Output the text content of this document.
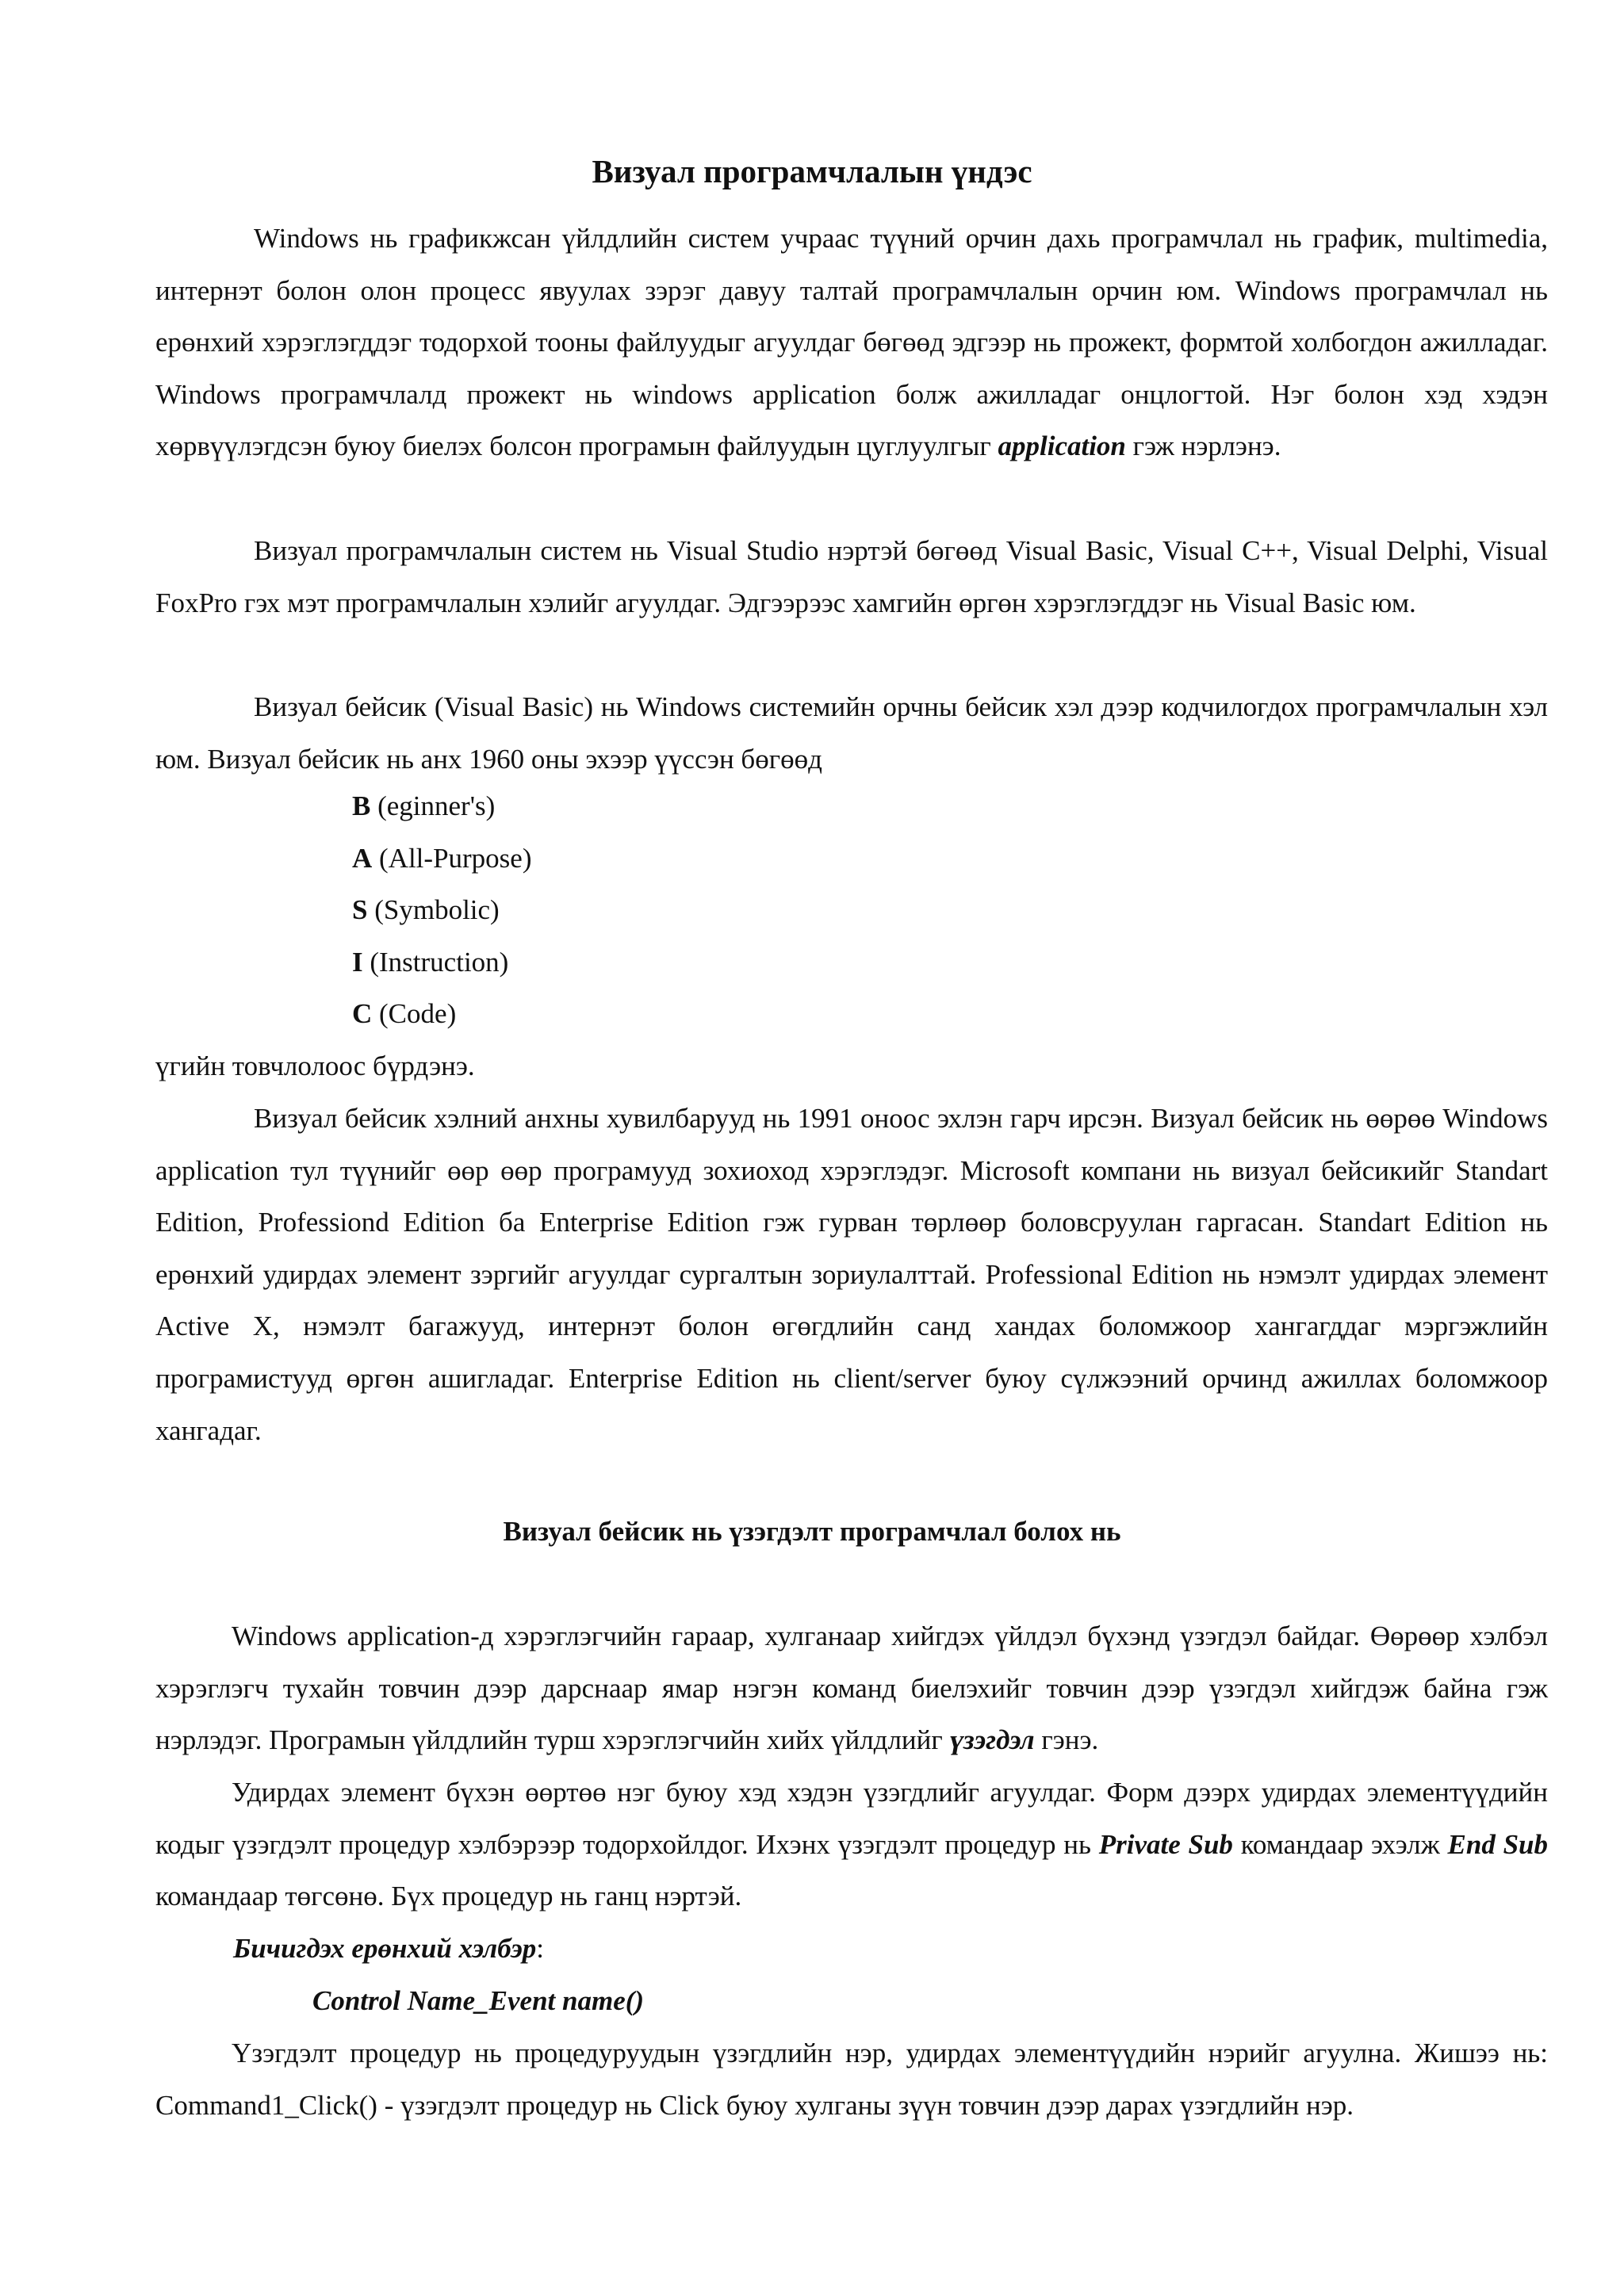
Визуал програмчлалын үндэс

Windows нь графикжсан үйлдлийн систем учраас түүний орчин дахь програмчлал нь график, multimedia, интернэт болон олон процесс явуулах зэрэг давуу талтай програмчлалын орчин юм. Windows програмчлал нь ерөнхий хэрэглэгддэг тодорхой тооны файлуудыг агуулдаг бөгөөд эдгээр нь прожект, формтой холбогдон ажилладаг. Windows програмчлалд прожект нь windows application болж ажилладаг онцлогтой. Нэг болон хэд хэдэн хөрвүүлэгдсэн буюу биелэх болсон програмын файлуудын цуглуулгыг application гэж нэрлэнэ.

Визуал програмчлалын систем нь Visual Studio нэртэй бөгөөд Visual Basic, Visual C++, Visual Delphi, Visual FoxPro гэх мэт програмчлалын хэлийг агуулдаг. Эдгээрээс хамгийн өргөн хэрэглэгддэг нь Visual Basic юм.

Визуал бейсик (Visual Basic) нь Windows системийн орчны бейсик хэл дээр кодчилогдох програмчлалын хэл юм. Визуал бейсик нь анх 1960 оны эхээр үүссэн бөгөөд

B (eginner's)
A (All-Purpose)
S (Symbolic)
I (Instruction)
C (Code)

үгийн товчлолоос бүрдэнэ.

Визуал бейсик хэлний анхны хувилбарууд нь 1991 оноос эхлэн гарч ирсэн. Визуал бейсик нь өөрөө Windows application тул түүнийг өөр өөр програмууд зохиоход хэрэглэдэг. Microsoft компани нь визуал бейсикийг Standart Edition, Professiond Edition ба Enterprise Edition гэж гурван төрлөөр боловсруулан гаргасан. Standart Edition нь ерөнхий удирдах элемент зэргийг агуулдаг сургалтын зориулалттай. Professional Edition нь нэмэлт удирдах элемент Active X, нэмэлт багажууд, интернэт болон өгөгдлийн санд хандах боломжоор хангагддаг мэргэжлийн програмистууд өргөн ашигладаг. Enterprise Edition нь client/server буюу сүлжээний орчинд ажиллах боломжоор хангадаг.

Визуал бейсик нь үзэгдэлт програмчлал болох нь

Windows application-д хэрэглэгчийн гараар, хулганаар хийгдэх үйлдэл бүхэнд үзэгдэл байдаг. Өөрөөр хэлбэл хэрэглэгч тухайн товчин дээр дарснаар ямар нэгэн команд биелэхийг товчин дээр үзэгдэл хийгдэж байна гэж нэрлэдэг. Програмын үйлдлийн турш хэрэглэгчийн хийх үйлдлийг үзэгдэл гэнэ.

Удирдах элемент бүхэн өөртөө нэг буюу хэд хэдэн үзэгдлийг агуулдаг. Форм дээрх удирдах элементүүдийн кодыг үзэгдэлт процедур хэлбэрээр тодорхойлдог. Ихэнх үзэгдэлт процедур нь Private Sub командаар эхэлж End Sub командаар төгсөнө. Бүх процедур нь ганц нэртэй.

Бичигдэх ерөнхий хэлбэр:

Control Name_Event name()

Үзэгдэлт процедур нь процедуруудын үзэгдлийн нэр, удирдах элементүүдийн нэрийг агуулна. Жишээ нь: Command1_Click() - үзэгдэлт процедур нь Click буюу хулганы зүүн товчин дээр дарах үзэгдлийн нэр.
